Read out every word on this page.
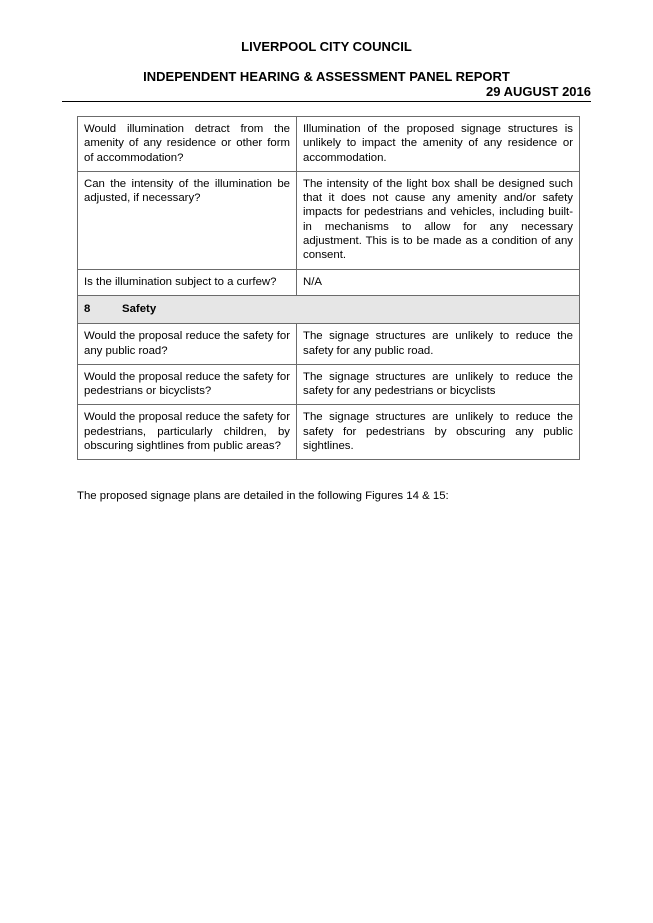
LIVERPOOL CITY COUNCIL
INDEPENDENT HEARING & ASSESSMENT PANEL REPORT
29 AUGUST 2016
Would illumination detract from the amenity of any residence or other form of accommodation?	Illumination of the proposed signage structures is unlikely to impact the amenity of any residence or accommodation.
Can the intensity of the illumination be adjusted, if necessary?	The intensity of the light box shall be designed such that it does not cause any amenity and/or safety impacts for pedestrians and vehicles, including built-in mechanisms to allow for any necessary adjustment. This is to be made as a condition of any consent.
Is the illumination subject to a curfew?	N/A
8 Safety	
Would the proposal reduce the safety for any public road?	The signage structures are unlikely to reduce the safety for any public road.
Would the proposal reduce the safety for pedestrians or bicyclists?	The signage structures are unlikely to reduce the safety for any pedestrians or bicyclists
Would the proposal reduce the safety for pedestrians, particularly children, by obscuring sightlines from public areas?	The signage structures are unlikely to reduce the safety for pedestrians by obscuring any public sightlines.
The proposed signage plans are detailed in the following Figures 14 & 15:
